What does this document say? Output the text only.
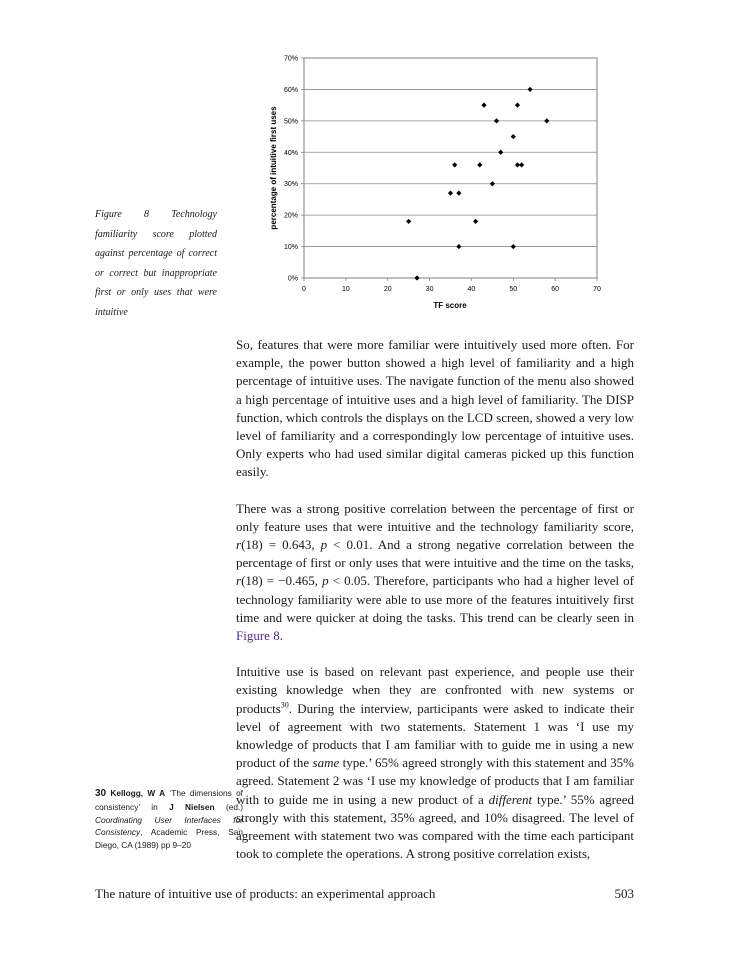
Figure 8 Technology familiarity score plotted against percentage of correct or correct but inappropriate first or only uses that were intuitive
0%
10%
20%
30%
40%
50%
60%
70%
0	10	20	30	40	50	60	70
TF score
percentage of intuitive first uses

So, features that were more familiar were intuitively used more often. For example, the power button showed a high level of familiarity and a high percentage of intuitive uses. The navigate function of the menu also showed a high percentage of intuitive uses and a high level of familiarity. The DISP function, which controls the displays on the LCD screen, showed a very low level of familiarity and a correspondingly low percentage of intuitive uses. Only experts who had used similar digital cameras picked up this function easily.

There was a strong positive correlation between the percentage of first or only feature uses that were intuitive and the technology familiarity score, r(18) = 0.643, p < 0.01. And a strong negative correlation between the percentage of first or only uses that were intuitive and the time on the tasks, r(18) = −0.465, p < 0.05. Therefore, participants who had a higher level of technology familiarity were able to use more of the features intuitively first time and were quicker at doing the tasks. This trend can be clearly seen in Figure 8.

Intuitive use is based on relevant past experience, and people use their existing knowledge when they are confronted with new systems or products$^{30}$. During the interview, participants were asked to indicate their level of agreement with two statements. Statement 1 was ‘I use my knowledge of products that I am familiar with to guide me in using a new product of the same type.’ 65% agreed strongly with this statement and 35% agreed. Statement 2 was ‘I use my knowledge of products that I am familiar with to guide me in using a new product of a different type.’ 55% agreed strongly with this statement, 35% agreed, and 10% disagreed. The level of agreement with statement two was compared with the time each participant took to complete the operations. A strong positive correlation exists,

30 Kellogg, W A ‘The dimensions of consistency’ in J Nielsen (ed.) Coordinating User Interfaces for Consistency, Academic Press, San Diego, CA (1989) pp 9–20
The nature of intuitive use of products: an experimental approach	503
